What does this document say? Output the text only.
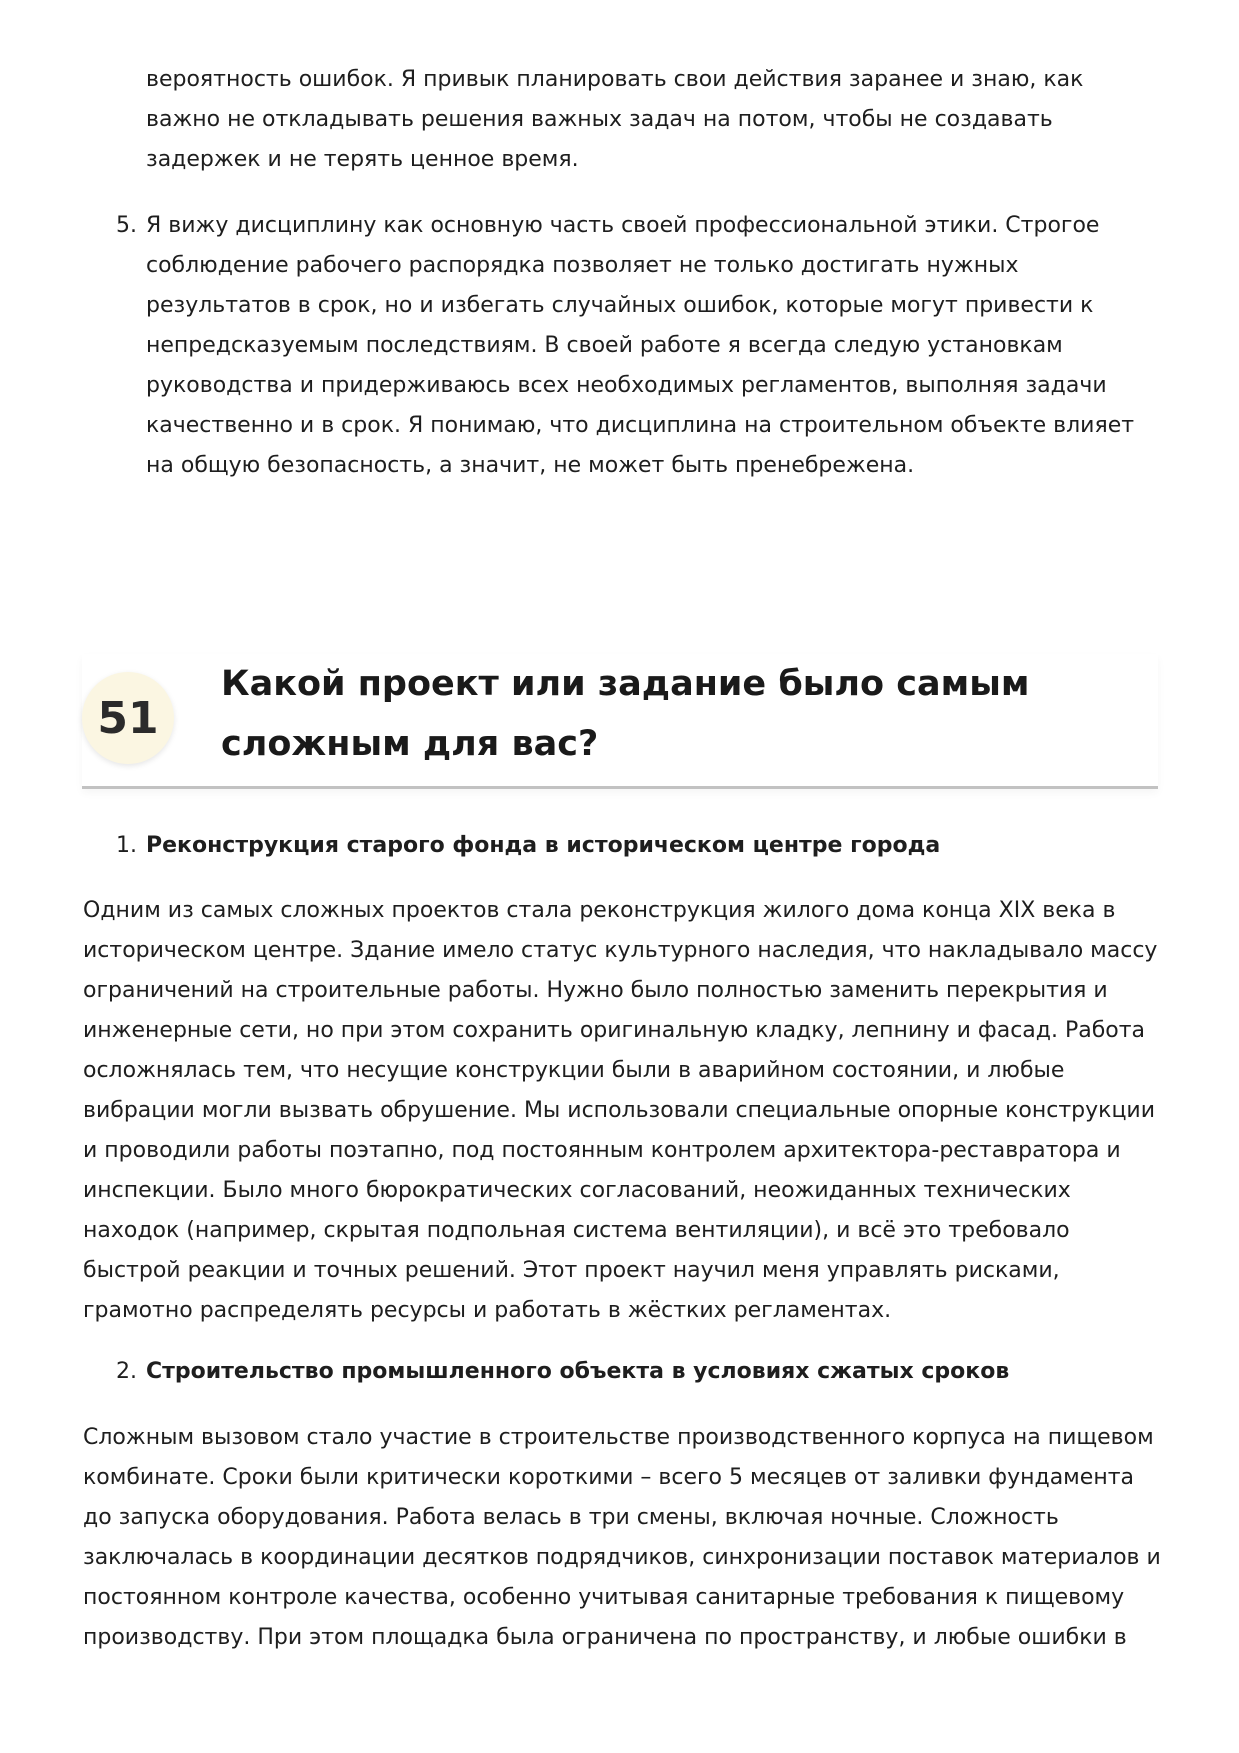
вероятность ошибок. Я привык планировать свои действия заранее и знаю, как важно не откладывать решения важных задач на потом, чтобы не создавать задержек и не терять ценное время.

5. Я вижу дисциплину как основную часть своей профессиональной этики. Строгое соблюдение рабочего распорядка позволяет не только достигать нужных результатов в срок, но и избегать случайных ошибок, которые могут привести к непредсказуемым последствиям. В своей работе я всегда следую установкам руководства и придерживаюсь всех необходимых регламентов, выполняя задачи качественно и в срок. Я понимаю, что дисциплина на строительном объекте влияет на общую безопасность, а значит, не может быть пренебрежена.
51
Какой проект или задание было самым сложным для вас?
1. Реконструкция старого фонда в историческом центре города

Одним из самых сложных проектов стала реконструкция жилого дома конца XIX века в историческом центре. Здание имело статус культурного наследия, что накладывало массу ограничений на строительные работы. Нужно было полностью заменить перекрытия и инженерные сети, но при этом сохранить оригинальную кладку, лепнину и фасад. Работа осложнялась тем, что несущие конструкции были в аварийном состоянии, и любые вибрации могли вызвать обрушение. Мы использовали специальные опорные конструкции и проводили работы поэтапно, под постоянным контролем архитектора-реставратора и инспекции. Было много бюрократических согласований, неожиданных технических находок (например, скрытая подпольная система вентиляции), и всё это требовало быстрой реакции и точных решений. Этот проект научил меня управлять рисками, грамотно распределять ресурсы и работать в жёстких регламентах.

2. Строительство промышленного объекта в условиях сжатых сроков

Сложным вызовом стало участие в строительстве производственного корпуса на пищевом комбинате. Сроки были критически короткими – всего 5 месяцев от заливки фундамента до запуска оборудования. Работа велась в три смены, включая ночные. Сложность заключалась в координации десятков подрядчиков, синхронизации поставок материалов и постоянном контроле качества, особенно учитывая санитарные требования к пищевому производству. При этом площадка была ограничена по пространству, и любые ошибки в
